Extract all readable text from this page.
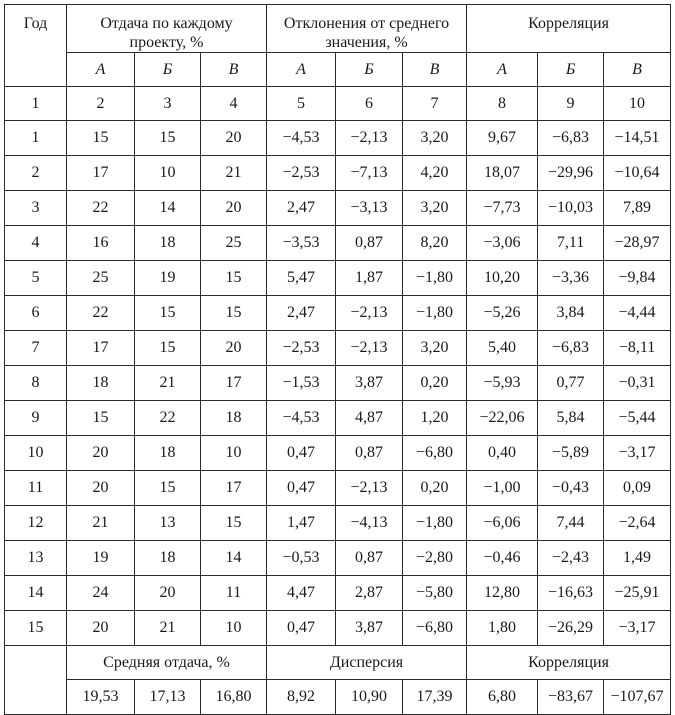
Год	Отдача по каждому проекту, %			Отклонения от среднего значения, %			Корреляция		
	А	Б	В	А	Б	В	А	Б	В
1	2	3	4	5	6	7	8	9	10
1	15	15	20	−4,53	−2,13	3,20	9,67	−6,83	−14,51
2	17	10	21	−2,53	−7,13	4,20	18,07	−29,96	−10,64
3	22	14	20	2,47	−3,13	3,20	−7,73	−10,03	7,89
4	16	18	25	−3,53	0,87	8,20	−3,06	7,11	−28,97
5	25	19	15	5,47	1,87	−1,80	10,20	−3,36	−9,84
6	22	15	15	2,47	−2,13	−1,80	−5,26	3,84	−4,44
7	17	15	20	−2,53	−2,13	3,20	5,40	−6,83	−8,11
8	18	21	17	−1,53	3,87	0,20	−5,93	0,77	−0,31
9	15	22	18	−4,53	4,87	1,20	−22,06	5,84	−5,44
10	20	18	10	0,47	0,87	−6,80	0,40	−5,89	−3,17
11	20	15	17	0,47	−2,13	0,20	−1,00	−0,43	0,09
12	21	13	15	1,47	−4,13	−1,80	−6,06	7,44	−2,64
13	19	18	14	−0,53	0,87	−2,80	−0,46	−2,43	1,49
14	24	20	11	4,47	2,87	−5,80	12,80	−16,63	−25,91
15	20	21	10	0,47	3,87	−6,80	1,80	−26,29	−3,17
	Средняя отдача, %			Дисперсия			Корреляция		
	19,53	17,13	16,80	8,92	10,90	17,39	6,80	−83,67	−107,67
